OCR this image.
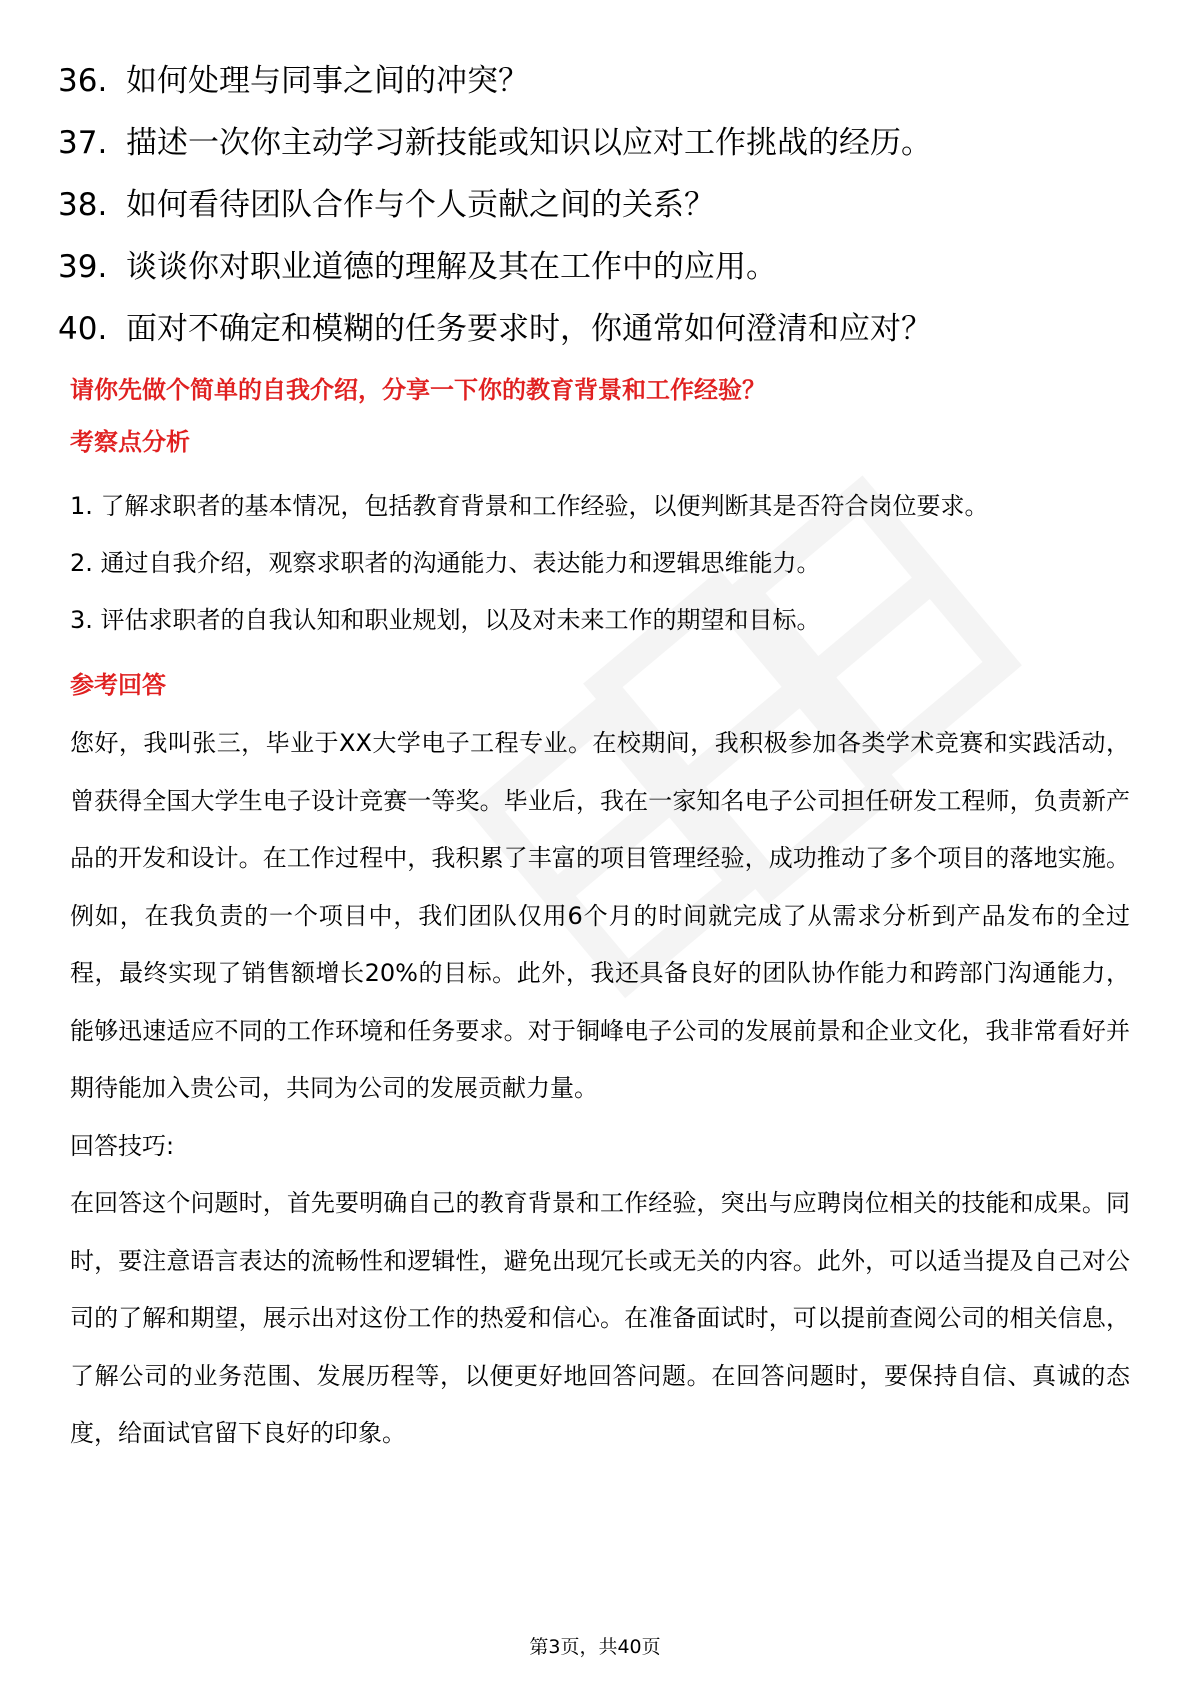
36. 如何处理与同事之间的冲突？
37. 描述一次你主动学习新技能或知识以应对工作挑战的经历。
38. 如何看待团队合作与个人贡献之间的关系？
39. 谈谈你对职业道德的理解及其在工作中的应用。
40. 面对不确定和模糊的任务要求时，你通常如何澄清和应对？
请你先做个简单的自我介绍，分享一下你的教育背景和工作经验？
考察点分析

1. 了解求职者的基本情况，包括教育背景和工作经验，以便判断其是否符合岗位要求。

2. 通过自我介绍，观察求职者的沟通能力、表达能力和逻辑思维能力。

3. 评估求职者的自我认知和职业规划，以及对未来工作的期望和目标。

参考回答

您好，我叫张三，毕业于XX大学电子工程专业。在校期间，我积极参加各类学术竞赛和实践活动，曾获得全国大学生电子设计竞赛一等奖。毕业后，我在一家知名电子公司担任研发工程师，负责新产品的开发和设计。在工作过程中，我积累了丰富的项目管理经验，成功推动了多个项目的落地实施。例如，在我负责的一个项目中，我们团队仅用6个月的时间就完成了从需求分析到产品发布的全过程，最终实现了销售额增长20%的目标。此外，我还具备良好的团队协作能力和跨部门沟通能力，能够迅速适应不同的工作环境和任务要求。对于铜峰电子公司的发展前景和企业文化，我非常看好并期待能加入贵公司，共同为公司的发展贡献力量。

回答技巧:

在回答这个问题时，首先要明确自己的教育背景和工作经验，突出与应聘岗位相关的技能和成果。同时，要注意语言表达的流畅性和逻辑性，避免出现冗长或无关的内容。此外，可以适当提及自己对公司的了解和期望，展示出对这份工作的热爱和信心。在准备面试时，可以提前查阅公司的相关信息，了解公司的业务范围、发展历程等，以便更好地回答问题。在回答问题时，要保持自信、真诚的态度，给面试官留下良好的印象。

第3页，共40页
